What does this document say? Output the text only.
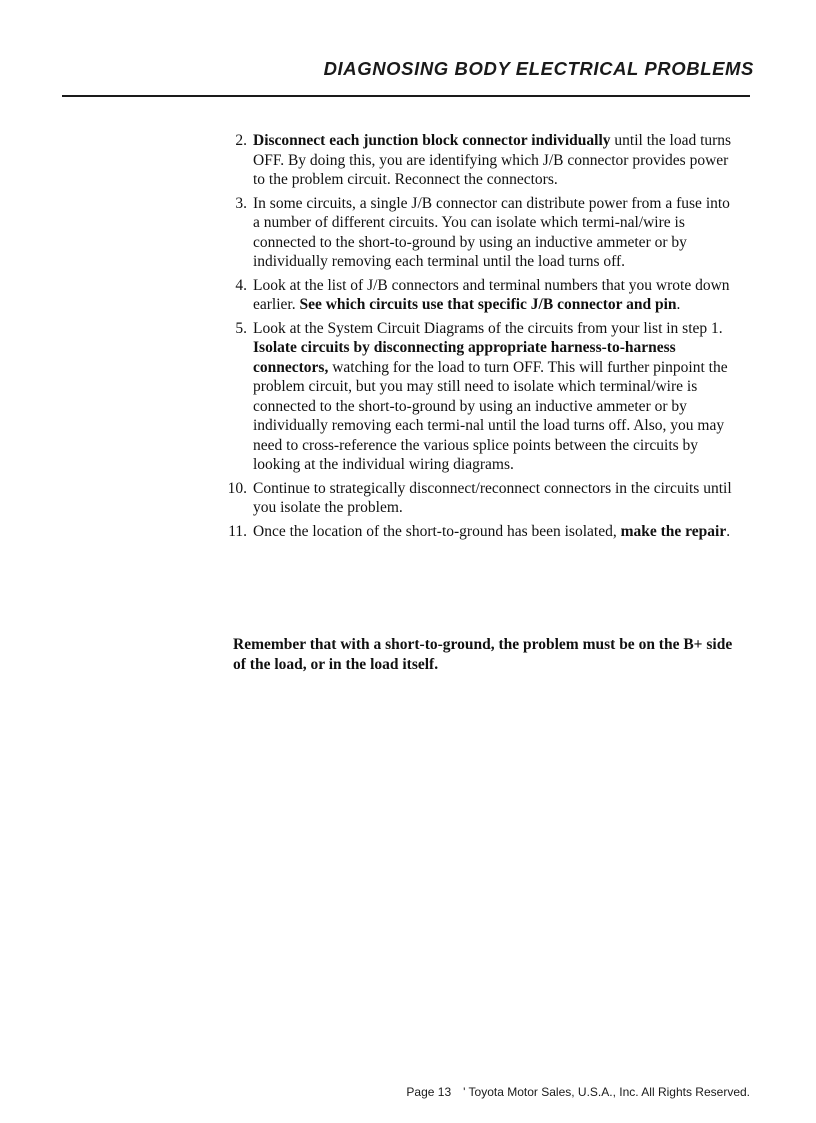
DIAGNOSING BODY ELECTRICAL PROBLEMS
2. Disconnect each junction block connector individually until the load turns OFF. By doing this, you are identifying which J/B connector provides power to the problem circuit. Reconnect the connectors.
3. In some circuits, a single J/B connector can distribute power from a fuse into a number of different circuits. You can isolate which termi-nal/wire is connected to the short-to-ground by using an inductive ammeter or by individually removing each terminal until the load turns off.
4. Look at the list of J/B connectors and terminal numbers that you wrote down earlier. See which circuits use that specific J/B connector and pin.
5. Look at the System Circuit Diagrams of the circuits from your list in step 1. Isolate circuits by disconnecting appropriate harness-to-harness connectors, watching for the load to turn OFF. This will further pinpoint the problem circuit, but you may still need to isolate which terminal/wire is connected to the short-to-ground by using an inductive ammeter or by individually removing each termi-nal until the load turns off. Also, you may need to cross-reference the various splice points between the circuits by looking at the individual wiring diagrams.
10. Continue to strategically disconnect/reconnect connectors in the circuits until you isolate the problem.
11. Once the location of the short-to-ground has been isolated, make the repair.

Remember that with a short-to-ground, the problem must be on the B+ side of the load, or in the load itself.

Page 13 ' Toyota Motor Sales, U.S.A., Inc. All Rights Reserved.
